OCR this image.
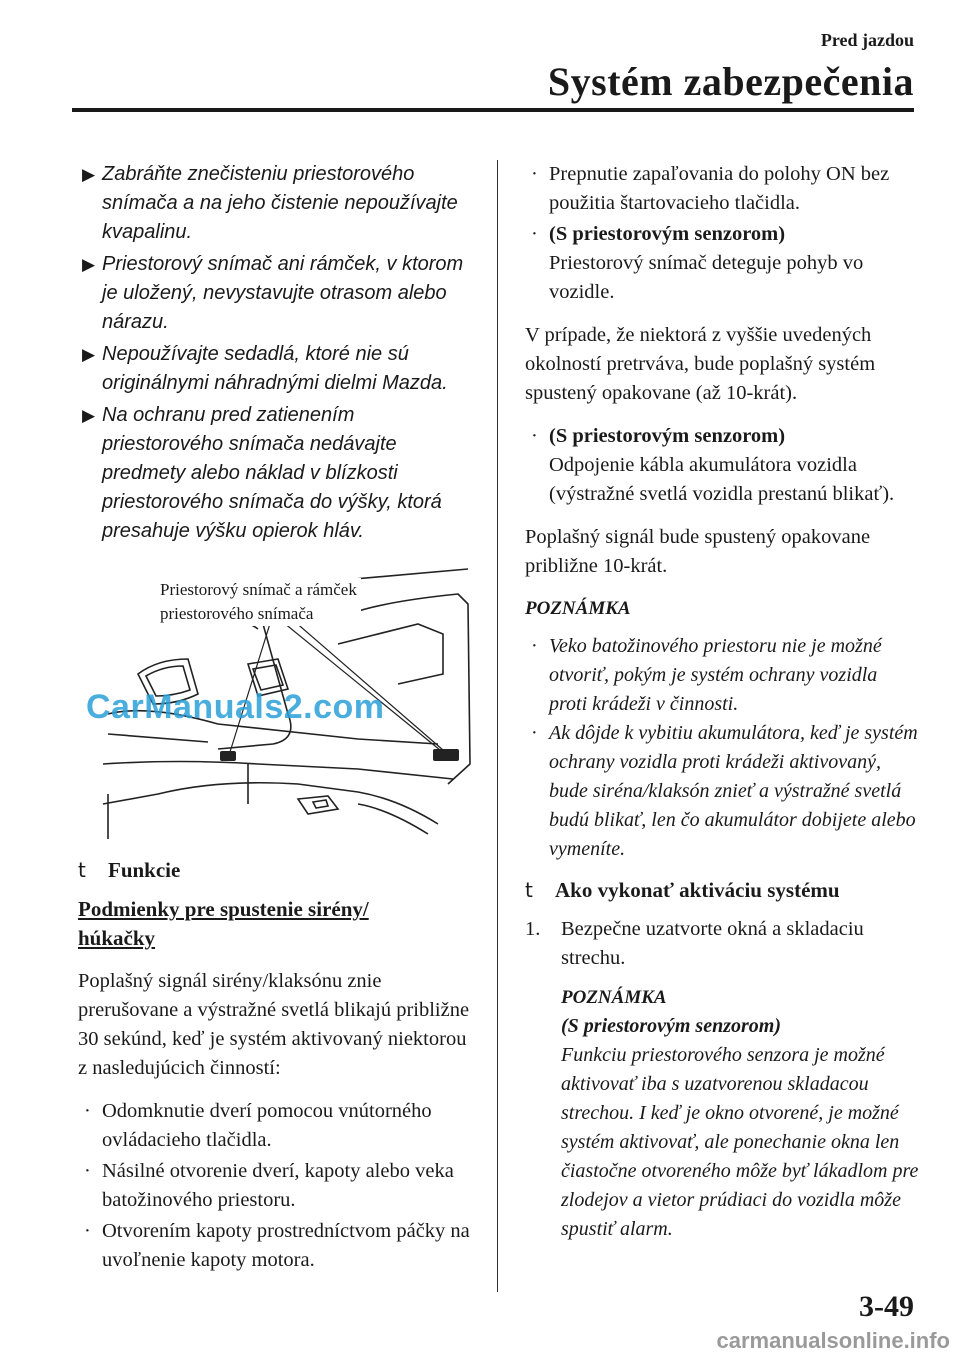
Pred jazdou
Systém zabezpečenia
▶ Zabráňte znečisteniu priestorového snímača a na jeho čistenie nepoužívajte kvapalinu.
▶ Priestorový snímač ani rámček, v ktorom je uložený, nevystavujte otrasom alebo nárazu.
▶ Nepoužívajte sedadlá, ktoré nie sú originálnymi náhradnými dielmi Mazda.
▶ Na ochranu pred zatienením priestorového snímača nedávajte predmety alebo náklad v blízkosti priestorového snímača do výšky, ktorá presahuje výšku opierok hláv.
Priestorový snímač a rámček
priestorového snímača
t Funkcie
Podmienky pre spustenie sirény/
húkačky
Poplašný signál sirény/klaksónu znie prerušovane a výstražné svetlá blikajú približne 30 sekúnd, keď je systém aktivovaný niektorou z nasledujúcich činností:
· Odomknutie dverí pomocou vnútorného ovládacieho tlačidla.
· Násilné otvorenie dverí, kapoty alebo veka batožinového priestoru.
· Otvorením kapoty prostredníctvom páčky na uvoľnenie kapoty motora.
· Prepnutie zapaľovania do polohy ON bez použitia štartovacieho tlačidla.
· (S priestorovým senzorom)
Priestorový snímač deteguje pohyb vo vozidle.
V prípade, že niektorá z vyššie uvedených okolností pretrváva, bude poplašný systém spustený opakovane (až 10-krát).
· (S priestorovým senzorom)
Odpojenie kábla akumulátora vozidla (výstražné svetlá vozidla prestanú blikať).
Poplašný signál bude spustený opakovane približne 10-krát.
POZNÁMKA
· Veko batožinového priestoru nie je možné otvoriť, pokým je systém ochrany vozidla proti krádeži v činnosti.
· Ak dôjde k vybitiu akumulátora, keď je systém ochrany vozidla proti krádeži aktivovaný, bude siréna/klaksón znieť a výstražné svetlá budú blikať, len čo akumulátor dobijete alebo vymeníte.
t Ako vykonať aktiváciu systému
1. Bezpečne uzatvorte okná a skladaciu strechu.
POZNÁMKA
(S priestorovým senzorom)
Funkciu priestorového senzora je možné aktivovať iba s uzatvorenou skladacou strechou. I keď je okno otvorené, je možné systém aktivovať, ale ponechanie okna len čiastočne otvoreného môže byť lákadlom pre zlodejov a vietor prúdiaci do vozidla môže spustiť alarm.
3-49
CarManuals2.com
carmanualsonline.info
